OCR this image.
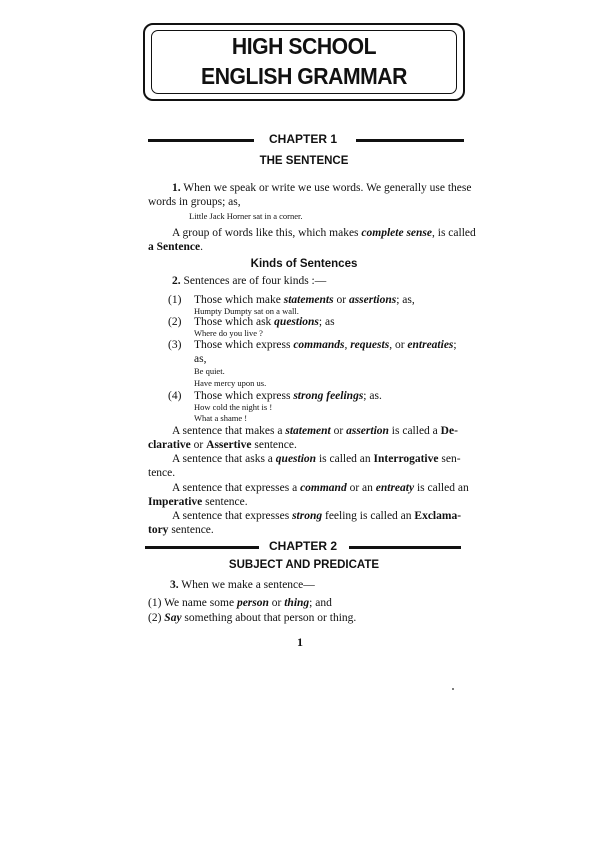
HIGH SCHOOL
ENGLISH GRAMMAR
CHAPTER 1
THE SENTENCE
1. When we speak or write we use words. We generally use these
words in groups; as,
Little Jack Horner sat in a corner.
A group of words like this, which makes complete sense, is called
a Sentence.
Kinds of Sentences
2. Sentences are of four kinds :—
(1) Those which make statements or assertions; as,
Humpty Dumpty sat on a wall.
(2) Those which ask questions; as
Where do you live ?
(3) Those which express commands, requests, or entreaties;
as,
Be quiet.
Have mercy upon us.
(4) Those which express strong feelings; as.
How cold the night is !
What a shame !
A sentence that makes a statement or assertion is called a De-
clarative or Assertive sentence.
A sentence that asks a question is called an Interrogative sen-
tence.
A sentence that expresses a command or an entreaty is called an
Imperative sentence.
A sentence that expresses strong feeling is called an Exclama-
tory sentence.
CHAPTER 2
SUBJECT AND PREDICATE
3. When we make a sentence—
(1) We name some person or thing; and
(2) Say something about that person or thing.
1
